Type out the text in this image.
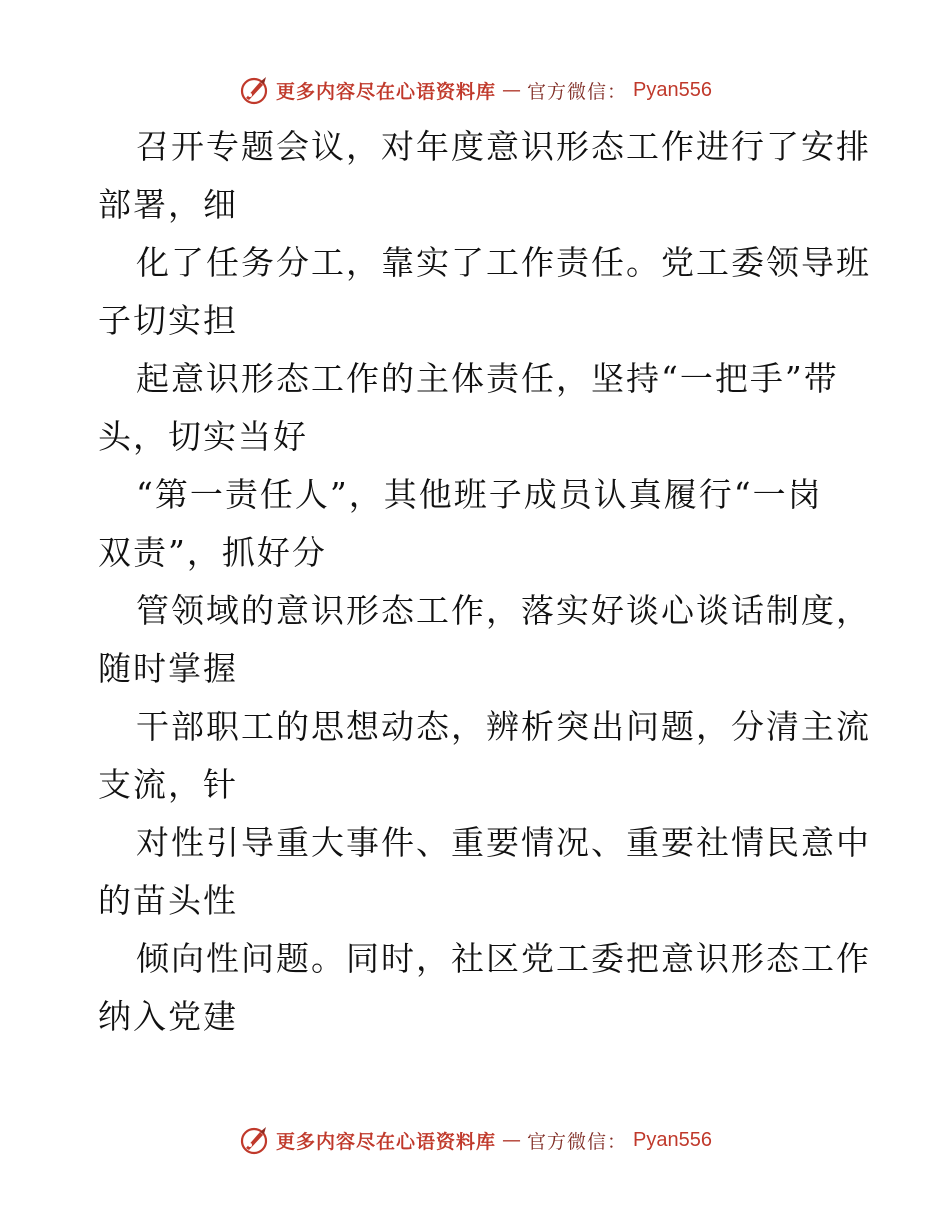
更多内容尽在心语资料库 — 官方微信： Pyan556
召开专题会议，对年度意识形态工作进行了安排
部署，细
化了任务分工，靠实了工作责任。党工委领导班
子切实担
起意识形态工作的主体责任，坚持“一把手”带
头，切实当好
“第一责任人”，其他班子成员认真履行“一岗
双责”，抓好分
管领域的意识形态工作，落实好谈心谈话制度，
随时掌握
干部职工的思想动态，辨析突出问题，分清主流
支流，针
对性引导重大事件、重要情况、重要社情民意中
的苗头性
倾向性问题。同时，社区党工委把意识形态工作
纳入党建
更多内容尽在心语资料库 — 官方微信： Pyan556
